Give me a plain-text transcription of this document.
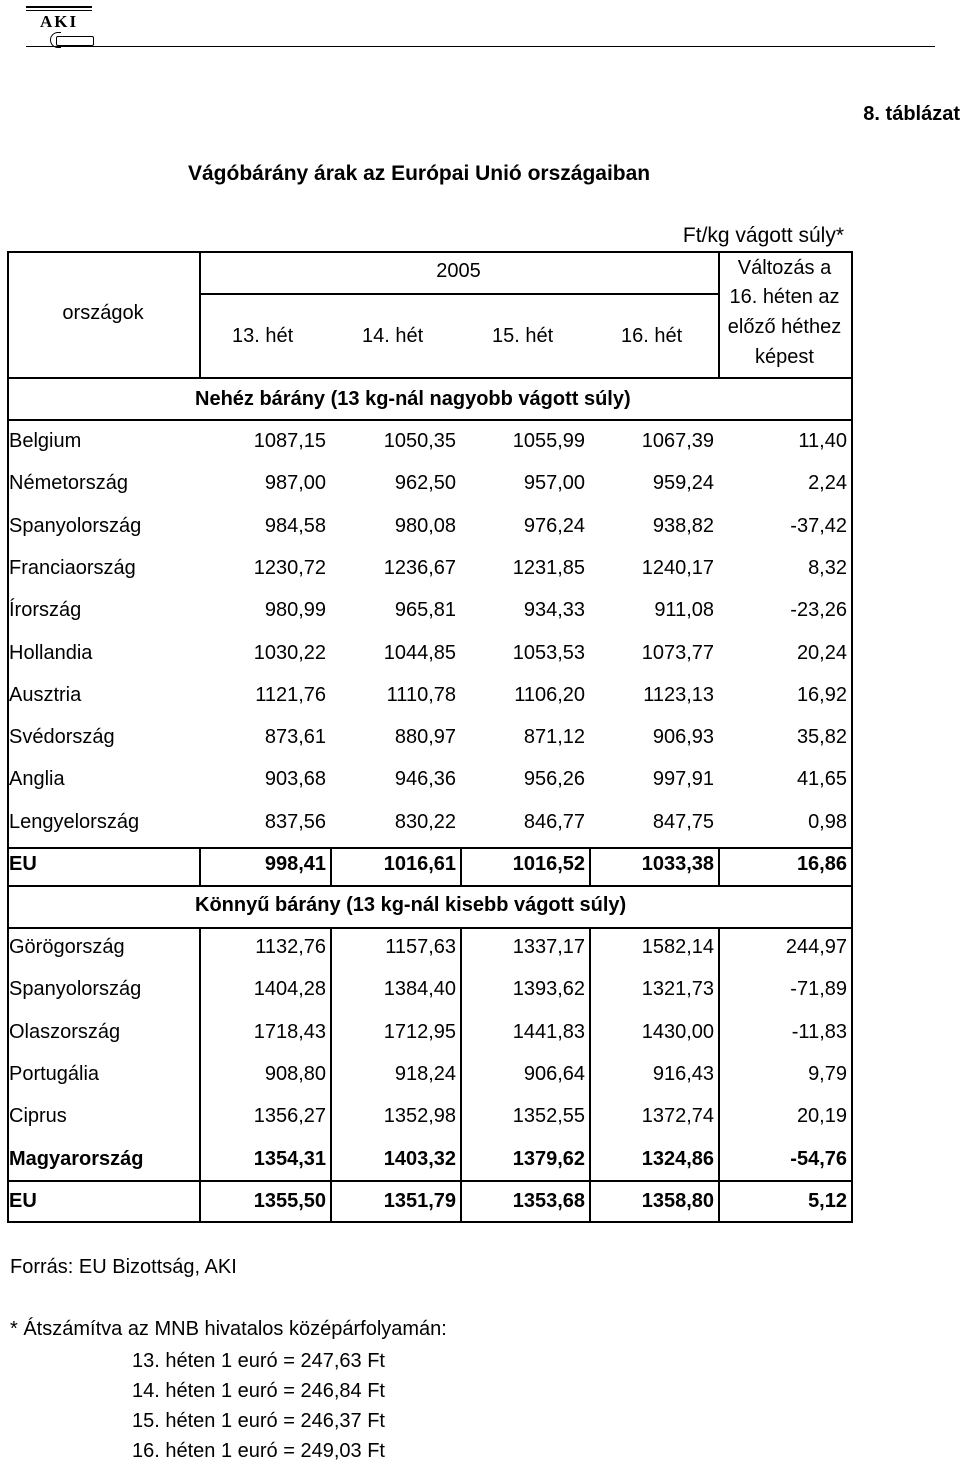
AKI
8. táblázat
Vágóbárány árak az Európai Unió országaiban
Ft/kg vágott súly*
országok
2005
13. hét	14. hét	15. hét	16. hét
Változás a
16. héten az
előző héthez
képest
Nehéz bárány (13 kg-nál nagyobb vágott súly)
Belgium	1087,15	1050,35	1055,99	1067,39	11,40
Németország	987,00	962,50	957,00	959,24	2,24
Spanyolország	984,58	980,08	976,24	938,82	-37,42
Franciaország	1230,72	1236,67	1231,85	1240,17	8,32
Írország	980,99	965,81	934,33	911,08	-23,26
Hollandia	1030,22	1044,85	1053,53	1073,77	20,24
Ausztria	1121,76	1110,78	1106,20	1123,13	16,92
Svédország	873,61	880,97	871,12	906,93	35,82
Anglia	903,68	946,36	956,26	997,91	41,65
Lengyelország	837,56	830,22	846,77	847,75	0,98
EU	998,41	1016,61	1016,52	1033,38	16,86
Könnyű bárány (13 kg-nál kisebb vágott súly)
Görögország	1132,76	1157,63	1337,17	1582,14	244,97
Spanyolország	1404,28	1384,40	1393,62	1321,73	-71,89
Olaszország	1718,43	1712,95	1441,83	1430,00	-11,83
Portugália	908,80	918,24	906,64	916,43	9,79
Ciprus	1356,27	1352,98	1352,55	1372,74	20,19
Magyarország	1354,31	1403,32	1379,62	1324,86	-54,76
EU	1355,50	1351,79	1353,68	1358,80	5,12
Forrás: EU Bizottság, AKI
* Átszámítva az MNB hivatalos középárfolyamán:
13. héten 1 euró = 247,63 Ft
14. héten 1 euró = 246,84 Ft
15. héten 1 euró = 246,37 Ft
16. héten 1 euró = 249,03 Ft
